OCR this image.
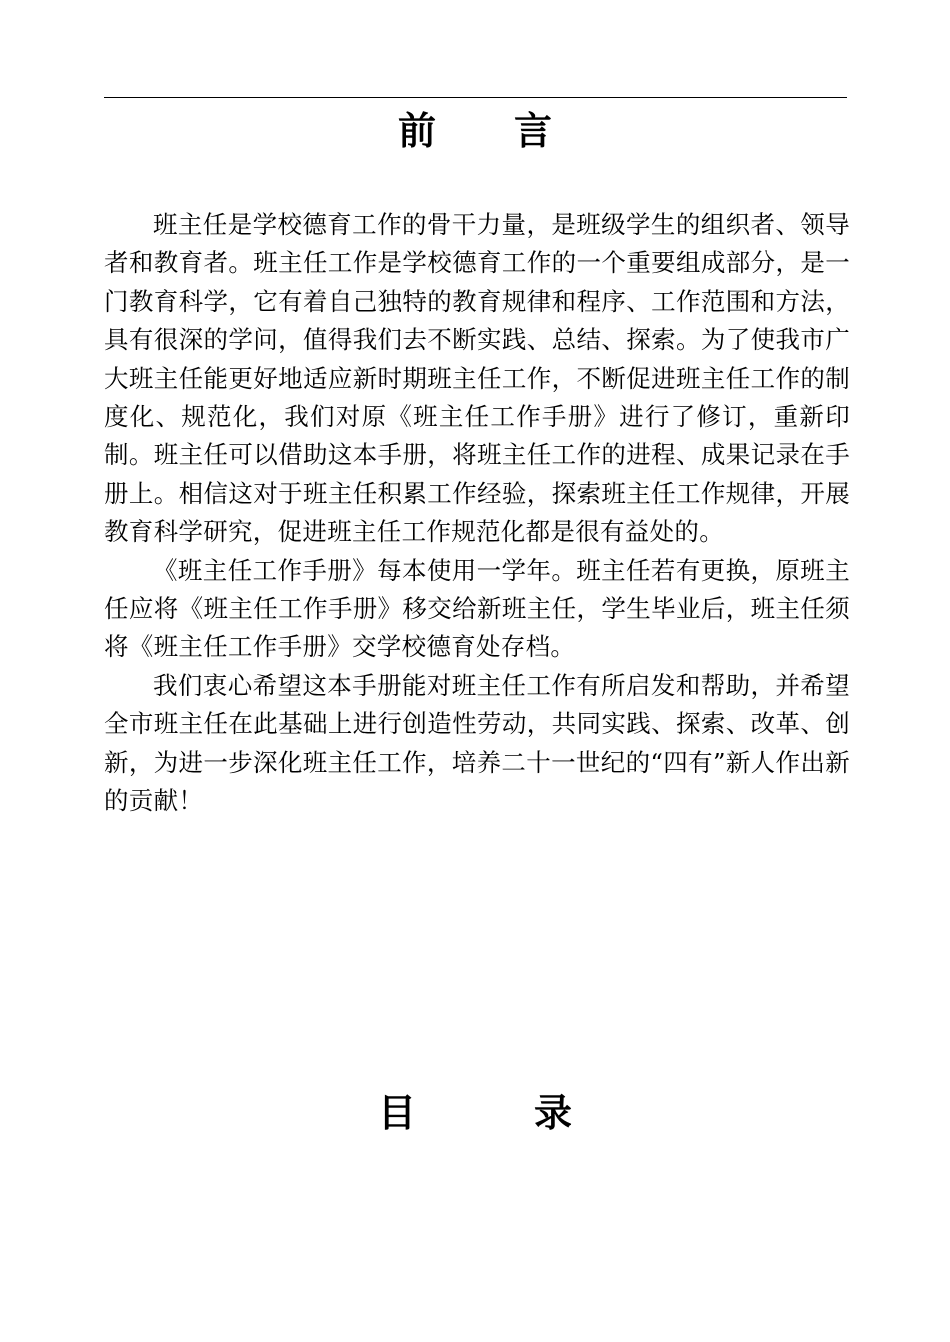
前 言

班主任是学校德育工作的骨干力量，是班级学生的组织者、领导者和教育者。班主任工作是学校德育工作的一个重要组成部分，是一门教育科学，它有着自己独特的教育规律和程序、工作范围和方法，具有很深的学问，值得我们去不断实践、总结、探索。为了使我市广大班主任能更好地适应新时期班主任工作，不断促进班主任工作的制度化、规范化，我们对原《班主任工作手册》进行了修订，重新印制。班主任可以借助这本手册，将班主任工作的进程、成果记录在手册上。相信这对于班主任积累工作经验，探索班主任工作规律，开展教育科学研究，促进班主任工作规范化都是很有益处的。

《班主任工作手册》每本使用一学年。班主任若有更换，原班主任应将《班主任工作手册》移交给新班主任，学生毕业后，班主任须将《班主任工作手册》交学校德育处存档。

我们衷心希望这本手册能对班主任工作有所启发和帮助，并希望全市班主任在此基础上进行创造性劳动，共同实践、探索、改革、创新，为进一步深化班主任工作，培养二十一世纪的“四有”新人作出新的贡献！

目	录
